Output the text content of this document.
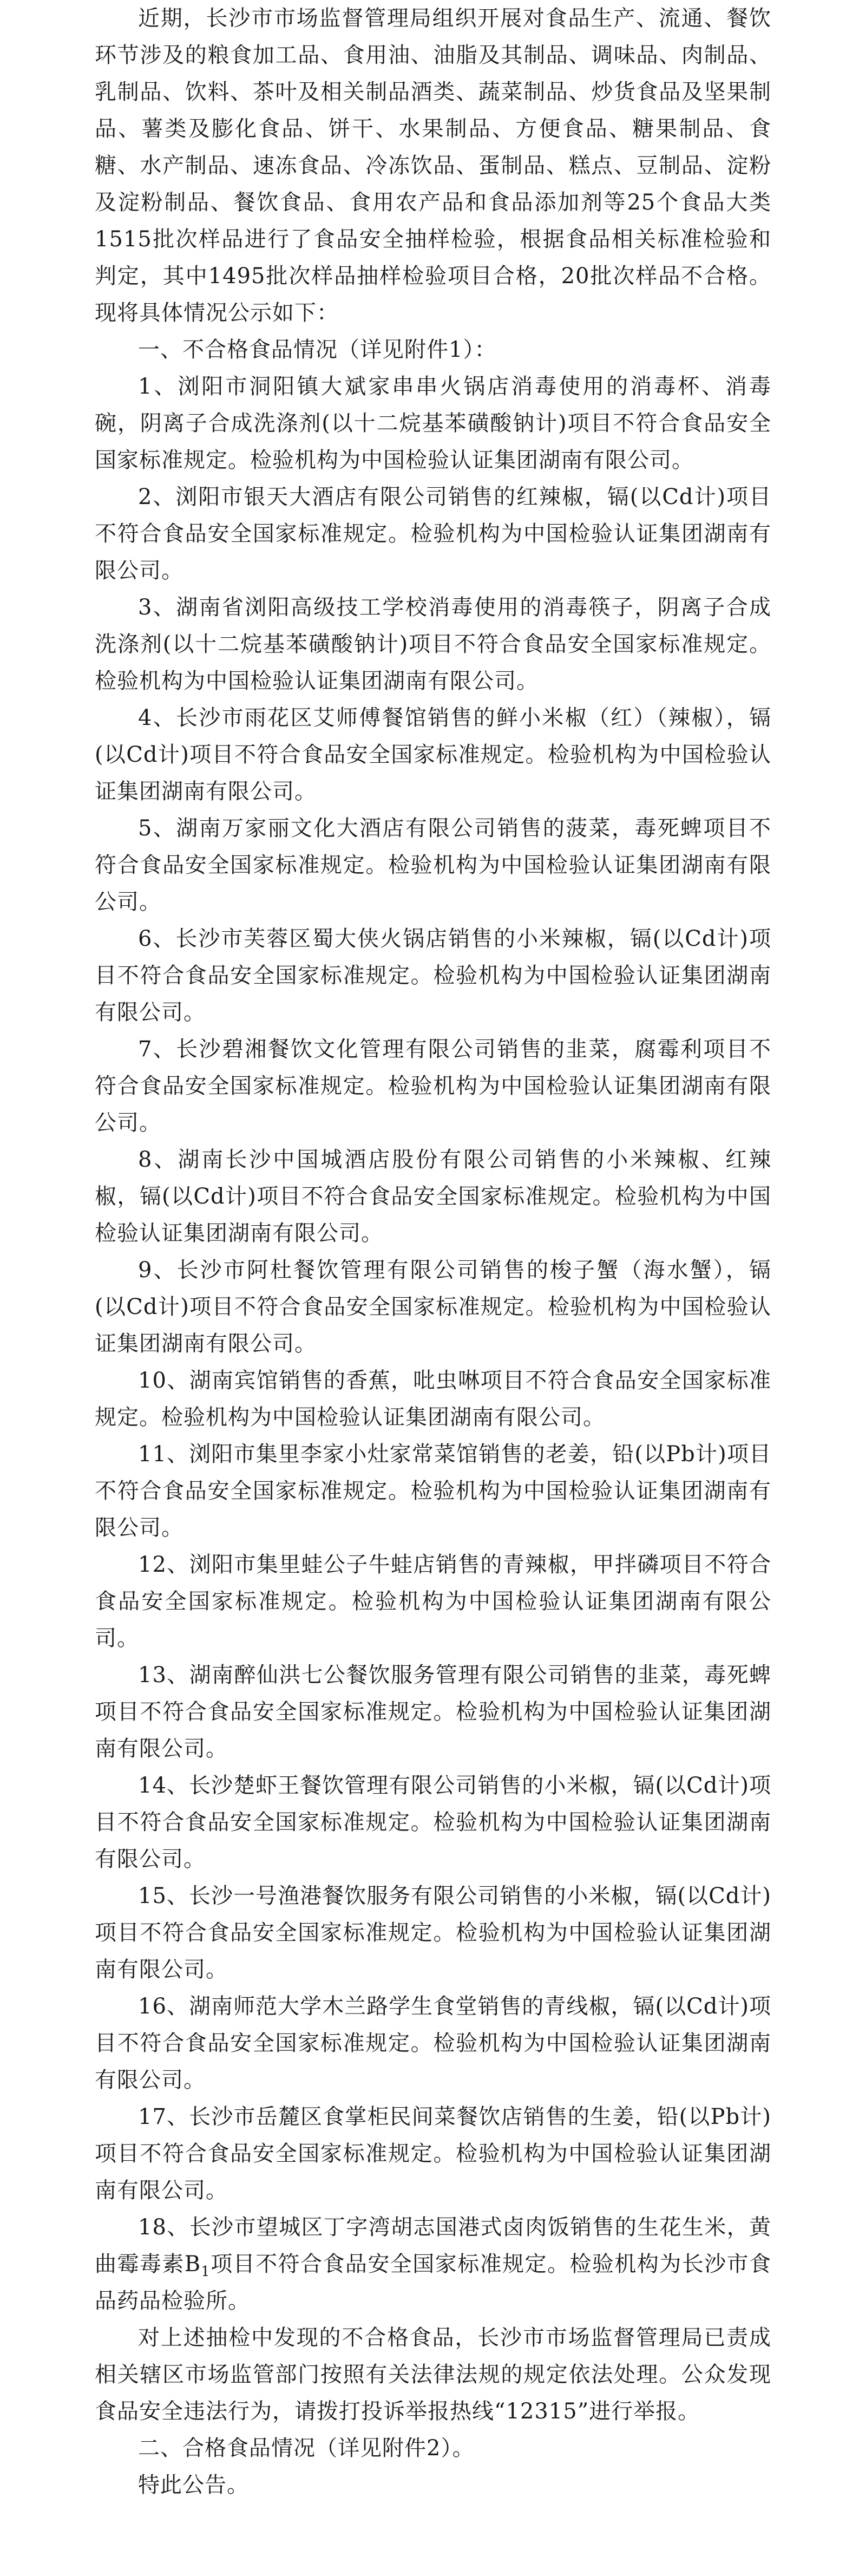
近期，长沙市市场监督管理局组织开展对食品生产、流通、餐饮环节涉及的粮食加工品、食用油、油脂及其制品、调味品、肉制品、乳制品、饮料、茶叶及相关制品酒类、蔬菜制品、炒货食品及坚果制品、薯类及膨化食品、饼干、水果制品、方便食品、糖果制品、食糖、水产制品、速冻食品、冷冻饮品、蛋制品、糕点、豆制品、淀粉及淀粉制品、餐饮食品、食用农产品和食品添加剂等25个食品大类1515批次样品进行了食品安全抽样检验，根据食品相关标准检验和判定，其中1495批次样品抽样检验项目合格，20批次样品不合格。现将具体情况公示如下：

一、不合格食品情况（详见附件1）：

1、浏阳市洞阳镇大斌家串串火锅店消毒使用的消毒杯、消毒碗，阴离子合成洗涤剂(以十二烷基苯磺酸钠计)项目不符合食品安全国家标准规定。检验机构为中国检验认证集团湖南有限公司。

2、浏阳市银天大酒店有限公司销售的红辣椒，镉(以Cd计)项目不符合食品安全国家标准规定。检验机构为中国检验认证集团湖南有限公司。

3、湖南省浏阳高级技工学校消毒使用的消毒筷子，阴离子合成洗涤剂(以十二烷基苯磺酸钠计)项目不符合食品安全国家标准规定。检验机构为中国检验认证集团湖南有限公司。

4、长沙市雨花区艾师傅餐馆销售的鲜小米椒（红）（辣椒），镉(以Cd计)项目不符合食品安全国家标准规定。检验机构为中国检验认证集团湖南有限公司。

5、湖南万家丽文化大酒店有限公司销售的菠菜，毒死蜱项目不符合食品安全国家标准规定。检验机构为中国检验认证集团湖南有限公司。

6、长沙市芙蓉区蜀大侠火锅店销售的小米辣椒，镉(以Cd计)项目不符合食品安全国家标准规定。检验机构为中国检验认证集团湖南有限公司。

7、长沙碧湘餐饮文化管理有限公司销售的韭菜，腐霉利项目不符合食品安全国家标准规定。检验机构为中国检验认证集团湖南有限公司。

8、湖南长沙中国城酒店股份有限公司销售的小米辣椒、红辣椒，镉(以Cd计)项目不符合食品安全国家标准规定。检验机构为中国检验认证集团湖南有限公司。

9、长沙市阿杜餐饮管理有限公司销售的梭子蟹（海水蟹），镉(以Cd计)项目不符合食品安全国家标准规定。检验机构为中国检验认证集团湖南有限公司。

10、湖南宾馆销售的香蕉，吡虫啉项目不符合食品安全国家标准规定。检验机构为中国检验认证集团湖南有限公司。

11、浏阳市集里李家小灶家常菜馆销售的老姜，铅(以Pb计)项目不符合食品安全国家标准规定。检验机构为中国检验认证集团湖南有限公司。

12、浏阳市集里蛙公子牛蛙店销售的青辣椒，甲拌磷项目不符合食品安全国家标准规定。检验机构为中国检验认证集团湖南有限公司。

13、湖南醉仙洪七公餐饮服务管理有限公司销售的韭菜，毒死蜱项目不符合食品安全国家标准规定。检验机构为中国检验认证集团湖南有限公司。

14、长沙楚虾王餐饮管理有限公司销售的小米椒，镉(以Cd计)项目不符合食品安全国家标准规定。检验机构为中国检验认证集团湖南有限公司。

15、长沙一号渔港餐饮服务有限公司销售的小米椒，镉(以Cd计)项目不符合食品安全国家标准规定。检验机构为中国检验认证集团湖南有限公司。

16、湖南师范大学木兰路学生食堂销售的青线椒，镉(以Cd计)项目不符合食品安全国家标准规定。检验机构为中国检验认证集团湖南有限公司。

17、长沙市岳麓区食掌柜民间菜餐饮店销售的生姜，铅(以Pb计)项目不符合食品安全国家标准规定。检验机构为中国检验认证集团湖南有限公司。

18、长沙市望城区丁字湾胡志国港式卤肉饭销售的生花生米，黄曲霉毒素$B_1$项目不符合食品安全国家标准规定。检验机构为长沙市食品药品检验所。

对上述抽检中发现的不合格食品，长沙市市场监督管理局已责成相关辖区市场监管部门按照有关法律法规的规定依法处理。公众发现食品安全违法行为，请拨打投诉举报热线“12315”进行举报。

二、合格食品情况（详见附件2）。

特此公告。
